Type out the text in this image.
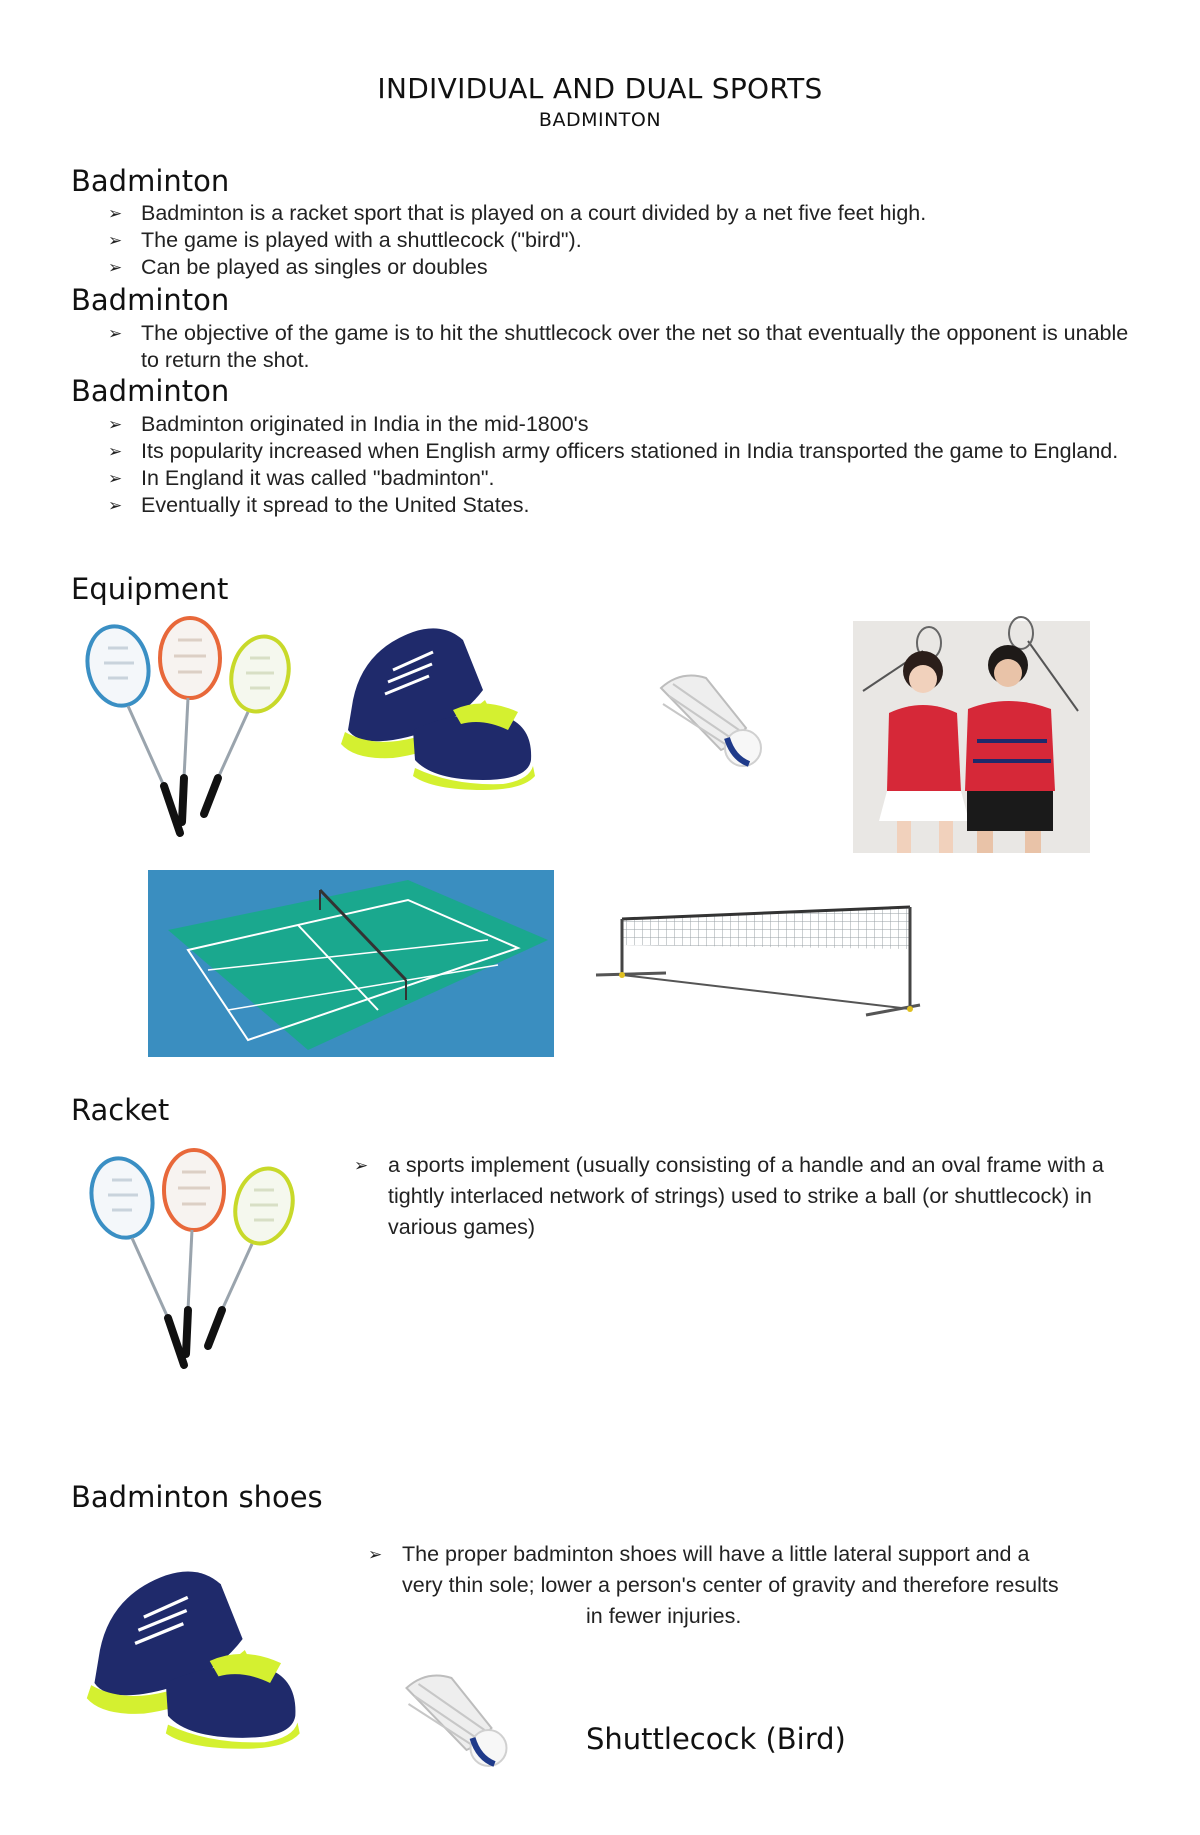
INDIVIDUAL AND DUAL SPORTS
BADMINTON
Badminton
➢ Badminton is a racket sport that is played on a court divided by a net five feet high.
➢ The game is played with a shuttlecock ("bird").
➢ Can be played as singles or doubles
Badminton
➢ The objective of the game is to hit the shuttlecock over the net so that eventually the opponent is unable to return the shot.
Badminton
➢ Badminton originated in India in the mid-1800's
➢ Its popularity increased when English army officers stationed in India transported the game to England.
➢ In England it was called "badminton".
➢ Eventually it spread to the United States.
Equipment
Racket
➢ a sports implement (usually consisting of a handle and an oval frame with a tightly interlaced network of strings) used to strike a ball (or shuttlecock) in various games)
Badminton shoes
➢ The proper badminton shoes will have a little lateral support and a
very thin sole; lower a person's center of gravity and therefore results
in fewer injuries.
Shuttlecock (Bird)
